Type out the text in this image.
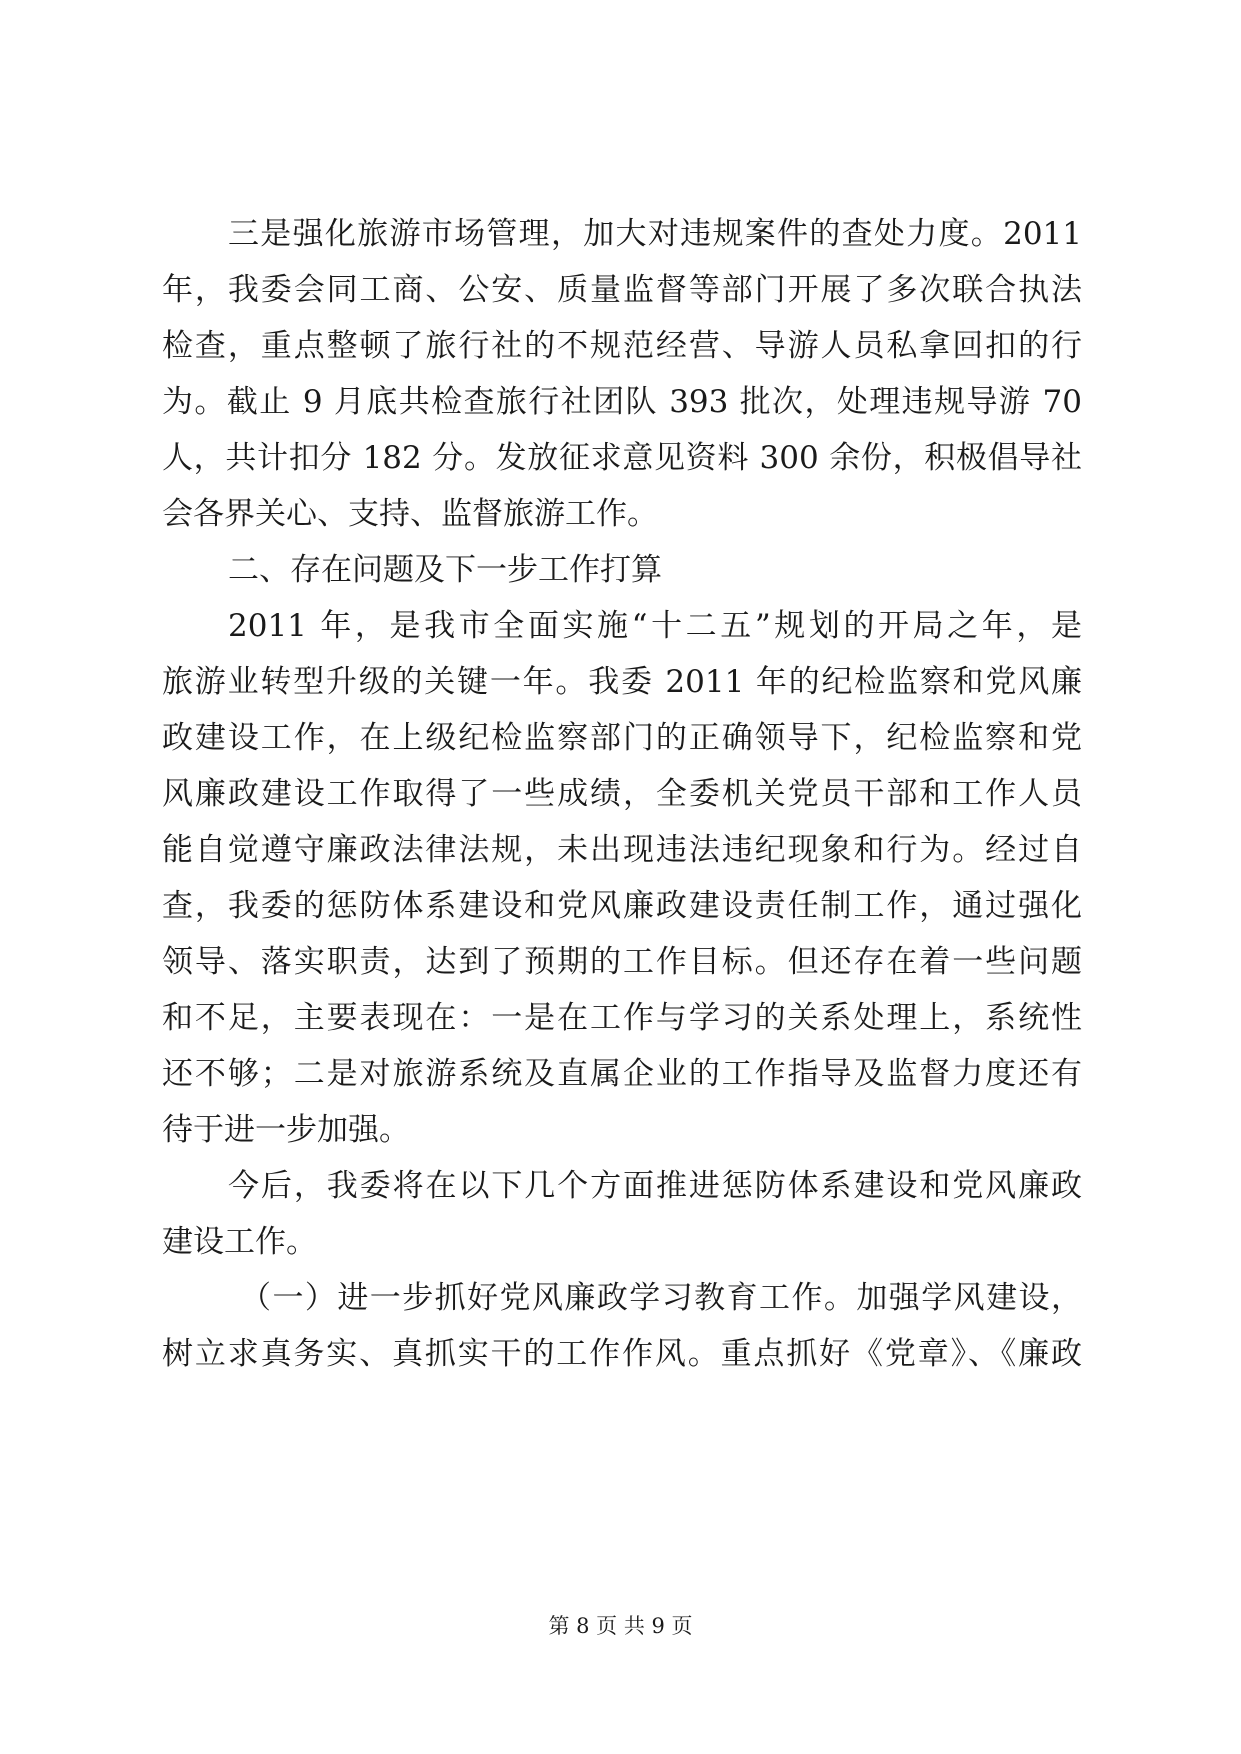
三是强化旅游市场管理，加大对违规案件的查处力度。2011
年，我委会同工商、公安、质量监督等部门开展了多次联合执法
检查，重点整顿了旅行社的不规范经营、导游人员私拿回扣的行
为。截止 9 月底共检查旅行社团队 393 批次，处理违规导游 70
人，共计扣分 182 分。发放征求意见资料 300 余份，积极倡导社
会各界关心、支持、监督旅游工作。
二、存在问题及下一步工作打算
2011 年，是我市全面实施“十二五”规划的开局之年，是
旅游业转型升级的关键一年。我委 2011 年的纪检监察和党风廉
政建设工作，在上级纪检监察部门的正确领导下，纪检监察和党
风廉政建设工作取得了一些成绩，全委机关党员干部和工作人员
能自觉遵守廉政法律法规，未出现违法违纪现象和行为。经过自
查，我委的惩防体系建设和党风廉政建设责任制工作，通过强化
领导、落实职责，达到了预期的工作目标。但还存在着一些问题
和不足，主要表现在：一是在工作与学习的关系处理上，系统性
还不够；二是对旅游系统及直属企业的工作指导及监督力度还有
待于进一步加强。
今后，我委将在以下几个方面推进惩防体系建设和党风廉政
建设工作。
（一）进一步抓好党风廉政学习教育工作。加强学风建设，
树立求真务实、真抓实干的工作作风。重点抓好《党章》、《廉政
第 8 页 共 9 页
